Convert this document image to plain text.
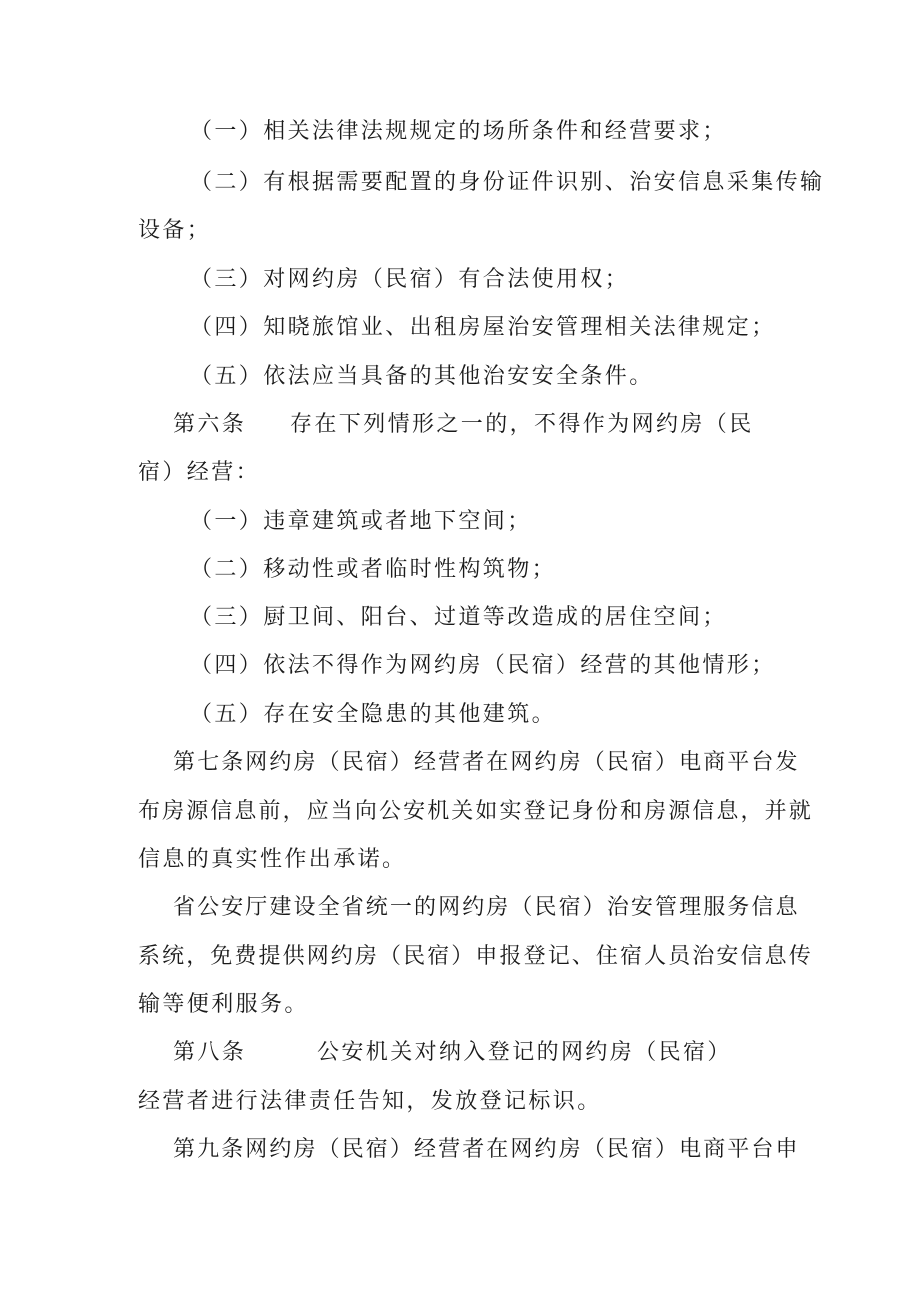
（一）相关法律法规规定的场所条件和经营要求；
（二）有根据需要配置的身份证件识别、治安信息采集传输
设备；
（三）对网约房（民宿）有合法使用权；
（四）知晓旅馆业、出租房屋治安管理相关法律规定；
（五）依法应当具备的其他治安安全条件。
第六条 存在下列情形之一的，不得作为网约房（民
宿）经营：
（一）违章建筑或者地下空间；
（二）移动性或者临时性构筑物；
（三）厨卫间、阳台、过道等改造成的居住空间；
（四）依法不得作为网约房（民宿）经营的其他情形；
（五）存在安全隐患的其他建筑。
第七条网约房（民宿）经营者在网约房（民宿）电商平台发
布房源信息前，应当向公安机关如实登记身份和房源信息，并就
信息的真实性作出承诺。
省公安厅建设全省统一的网约房（民宿）治安管理服务信息
系统，免费提供网约房（民宿）申报登记、住宿人员治安信息传
输等便利服务。
第八条	公安机关对纳入登记的网约房（民宿）
经营者进行法律责任告知，发放登记标识。
第九条网约房（民宿）经营者在网约房（民宿）电商平台申
